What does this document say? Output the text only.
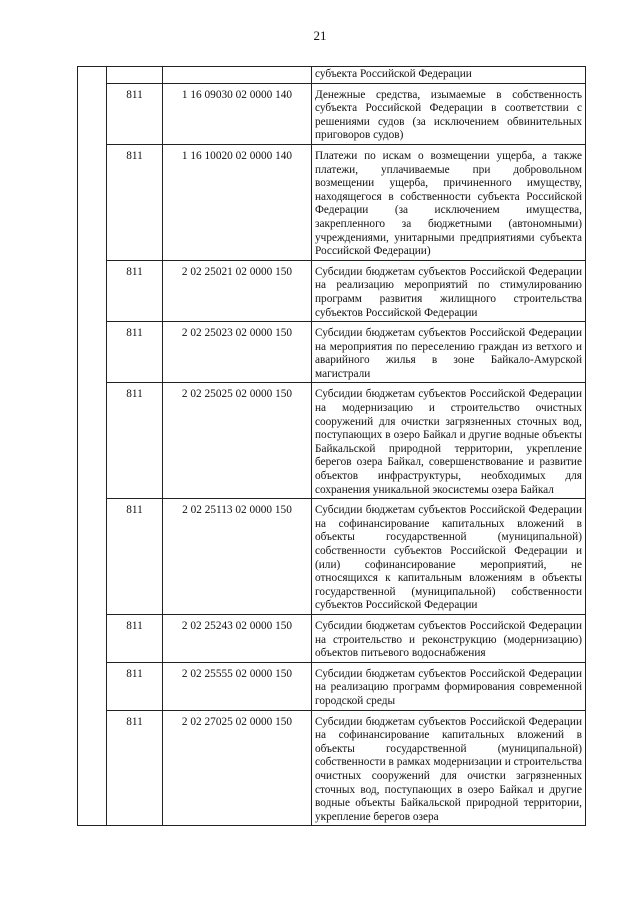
21
			субъекта Российской Федерации
	811	1 16 09030 02 0000 140	Денежные средства, изымаемые в собственность субъекта Российской Федерации в соответствии с решениями судов (за исключением обвинительных приговоров судов)
	811	1 16 10020 02 0000 140	Платежи по искам о возмещении ущерба, а также платежи, уплачиваемые при добровольном возмещении ущерба, причиненного имуществу, находящегося в собственности субъекта Российской Федерации (за исключением имущества, закрепленного за бюджетными (автономными) учреждениями, унитарными предприятиями субъекта Российской Федерации)
	811	2 02 25021 02 0000 150	Субсидии бюджетам субъектов Российской Федерации на реализацию мероприятий по стимулированию программ развития жилищного строительства субъектов Российской Федерации
	811	2 02 25023 02 0000 150	Субсидии бюджетам субъектов Российской Федерации на мероприятия по переселению граждан из ветхого и аварийного жилья в зоне Байкало-Амурской магистрали
	811	2 02 25025 02 0000 150	Субсидии бюджетам субъектов Российской Федерации на модернизацию и строительство очистных сооружений для очистки загрязненных сточных вод, поступающих в озеро Байкал и другие водные объекты Байкальской природной территории, укрепление берегов озера Байкал, совершенствование и развитие объектов инфраструктуры, необходимых для сохранения уникальной экосистемы озера Байкал
	811	2 02 25113 02 0000 150	Субсидии бюджетам субъектов Российской Федерации на софинансирование капитальных вложений в объекты государственной (муниципальной) собственности субъектов Российской Федерации и (или) софинансирование мероприятий, не относящихся к капитальным вложениям в объекты государственной (муниципальной) собственности субъектов Российской Федерации
	811	2 02 25243 02 0000 150	Субсидии бюджетам субъектов Российской Федерации на строительство и реконструкцию (модернизацию) объектов питьевого водоснабжения
	811	2 02 25555 02 0000 150	Субсидии бюджетам субъектов Российской Федерации на реализацию программ формирования современной городской среды
	811	2 02 27025 02 0000 150	Субсидии бюджетам субъектов Российской Федерации на софинансирование капитальных вложений в объекты государственной (муниципальной) собственности в рамках модернизации и строительства очистных сооружений для очистки загрязненных сточных вод, поступающих в озеро Байкал и другие водные объекты Байкальской природной территории, укрепление берегов озера
